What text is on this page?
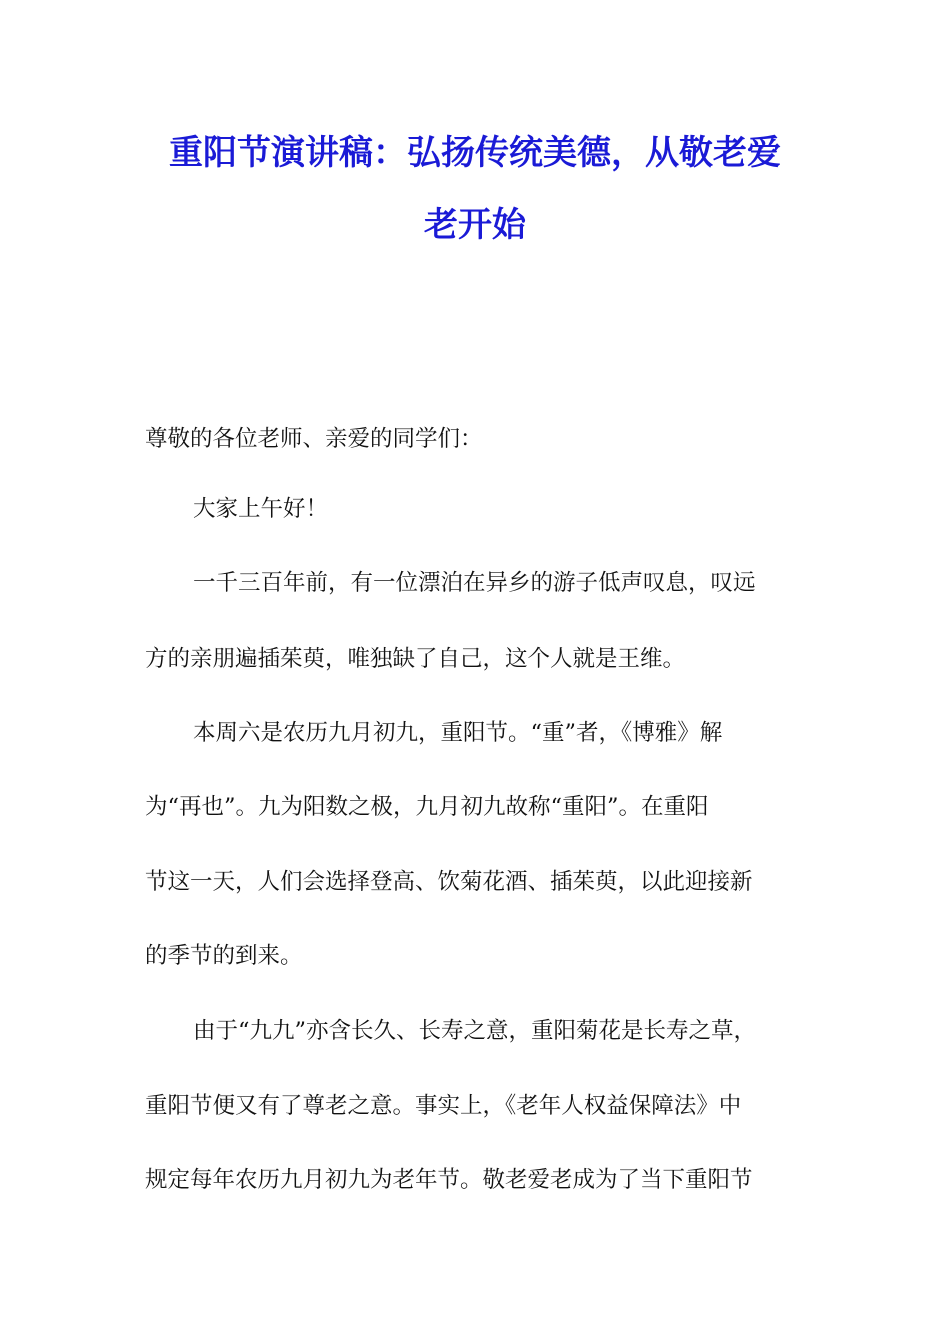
重阳节演讲稿：弘扬传统美德，从敬老爱
老开始
尊敬的各位老师、亲爱的同学们：
大家上午好！
一千三百年前，有一位漂泊在异乡的游子低声叹息，叹远
方的亲朋遍插茱萸，唯独缺了自己，这个人就是王维。
本周六是农历九月初九，重阳节。“重”者，《博雅》解
为“再也”。九为阳数之极，九月初九故称“重阳”。在重阳
节这一天，人们会选择登高、饮菊花酒、插茱萸，以此迎接新
的季节的到来。
由于“九九”亦含长久、长寿之意，重阳菊花是长寿之草，
重阳节便又有了尊老之意。事实上，《老年人权益保障法》中
规定每年农历九月初九为老年节。敬老爱老成为了当下重阳节
